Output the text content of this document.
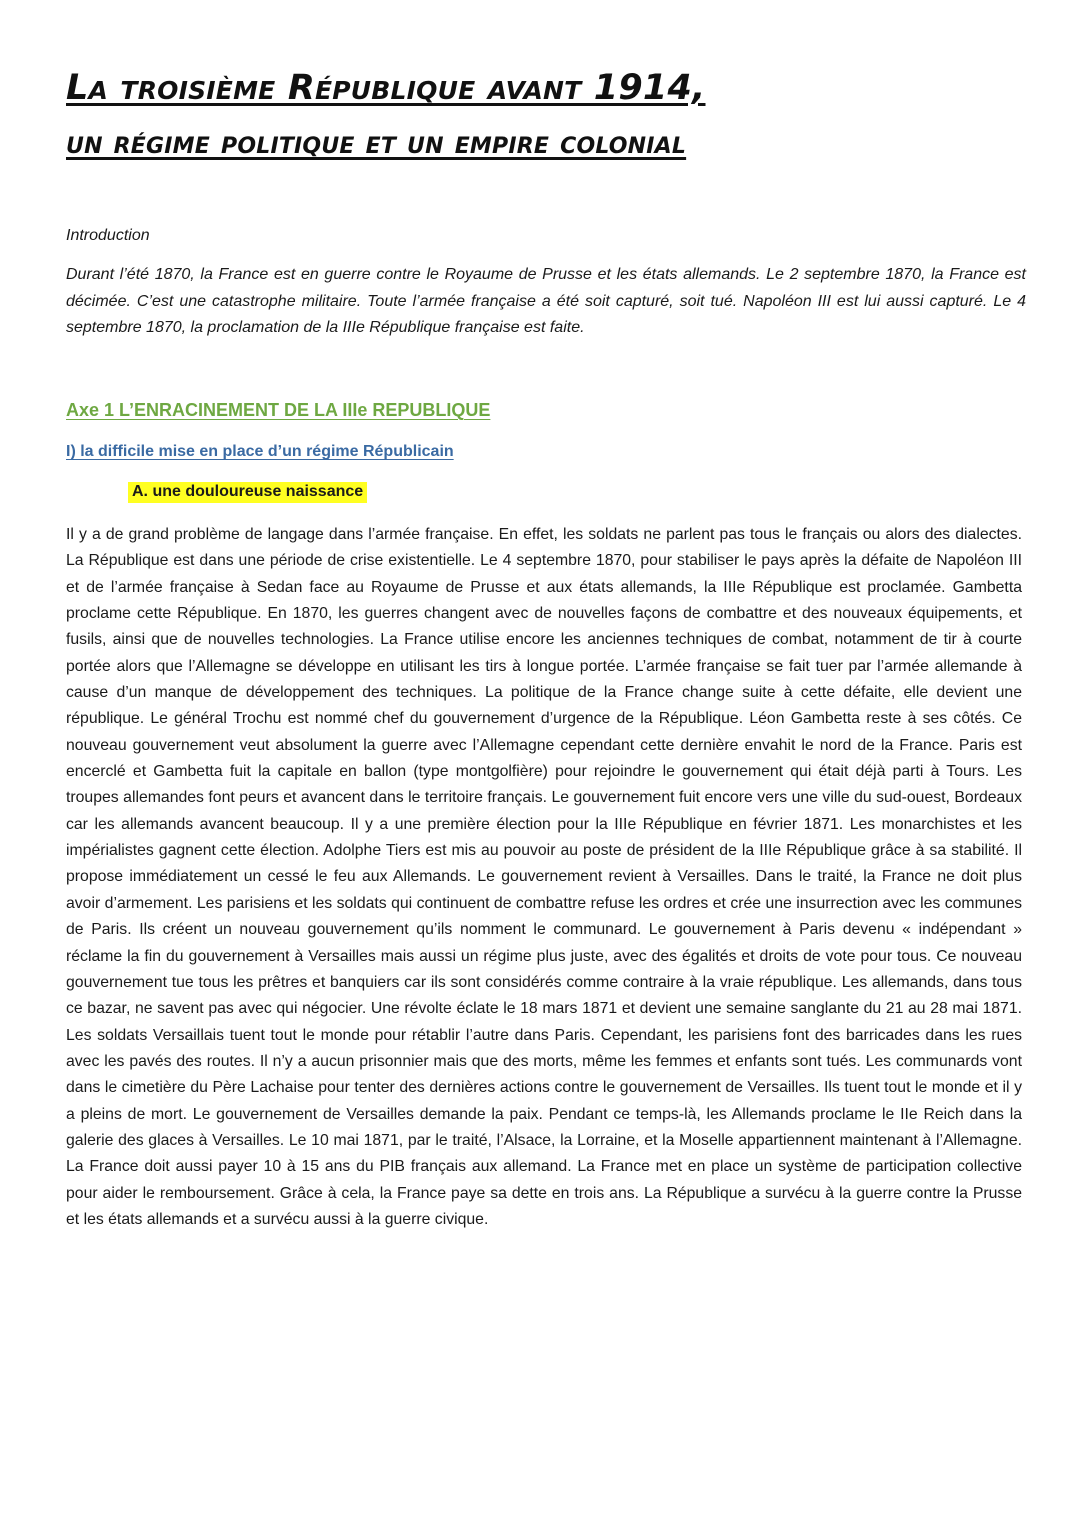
La troisième République avant 1914,
un régime politique et un empire colonial

Introduction

Durant l’été 1870, la France est en guerre contre le Royaume de Prusse et les états allemands. Le 2 septembre 1870, la France est décimée. C’est une catastrophe militaire. Toute l’armée française a été soit capturé, soit tué. Napoléon III est lui aussi capturé. Le 4 septembre 1870, la proclamation de la IIIe République française est faite.

Axe 1 L’ENRACINEMENT DE LA IIIe REPUBLIQUE
I) la difficile mise en place d’un régime Républicain
A. une douloureuse naissance

Il y a de grand problème de langage dans l’armée française. En effet, les soldats ne parlent pas tous le français ou alors des dialectes. La République est dans une période de crise existentielle. Le 4 septembre 1870, pour stabiliser le pays après la défaite de Napoléon III et de l’armée française à Sedan face au Royaume de Prusse et aux états allemands, la IIIe République est proclamée. Gambetta proclame cette République. En 1870, les guerres changent avec de nouvelles façons de combattre et des nouveaux équipements, et fusils, ainsi que de nouvelles technologies. La France utilise encore les anciennes techniques de combat, notamment de tir à courte portée alors que l’Allemagne se développe en utilisant les tirs à longue portée. L’armée française se fait tuer par l’armée allemande à cause d’un manque de développement des techniques. La politique de la France change suite à cette défaite, elle devient une république. Le général Trochu est nommé chef du gouvernement d’urgence de la République. Léon Gambetta reste à ses côtés. Ce nouveau gouvernement veut absolument la guerre avec l’Allemagne cependant cette dernière envahit le nord de la France. Paris est encerclé et Gambetta fuit la capitale en ballon (type montgolfière) pour rejoindre le gouvernement qui était déjà parti à Tours. Les troupes allemandes font peurs et avancent dans le territoire français. Le gouvernement fuit encore vers une ville du sud-ouest, Bordeaux car les allemands avancent beaucoup. Il y a une première élection pour la IIIe République en février 1871. Les monarchistes et les impérialistes gagnent cette élection. Adolphe Tiers est mis au pouvoir au poste de président de la IIIe République grâce à sa stabilité. Il propose immédiatement un cessé le feu aux Allemands. Le gouvernement revient à Versailles. Dans le traité, la France ne doit plus avoir d’armement. Les parisiens et les soldats qui continuent de combattre refuse les ordres et crée une insurrection avec les communes de Paris. Ils créent un nouveau gouvernement qu’ils nomment le communard. Le gouvernement à Paris devenu « indépendant » réclame la fin du gouvernement à Versailles mais aussi un régime plus juste, avec des égalités et droits de vote pour tous. Ce nouveau gouvernement tue tous les prêtres et banquiers car ils sont considérés comme contraire à la vraie république. Les allemands, dans tous ce bazar, ne savent pas avec qui négocier. Une révolte éclate le 18 mars 1871 et devient une semaine sanglante du 21 au 28 mai 1871. Les soldats Versaillais tuent tout le monde pour rétablir l’autre dans Paris. Cependant, les parisiens font des barricades dans les rues avec les pavés des routes. Il n’y a aucun prisonnier mais que des morts, même les femmes et enfants sont tués. Les communards vont dans le cimetière du Père Lachaise pour tenter des dernières actions contre le gouvernement de Versailles. Ils tuent tout le monde et il y a pleins de mort. Le gouvernement de Versailles demande la paix. Pendant ce temps-là, les Allemands proclame le IIe Reich dans la galerie des glaces à Versailles. Le 10 mai 1871, par le traité, l’Alsace, la Lorraine, et la Moselle appartiennent maintenant à l’Allemagne. La France doit aussi payer 10 à 15 ans du PIB français aux allemand. La France met en place un système de participation collective pour aider le remboursement. Grâce à cela, la France paye sa dette en trois ans. La République a survécu à la guerre contre la Prusse et les états allemands et a survécu aussi à la guerre civique.
